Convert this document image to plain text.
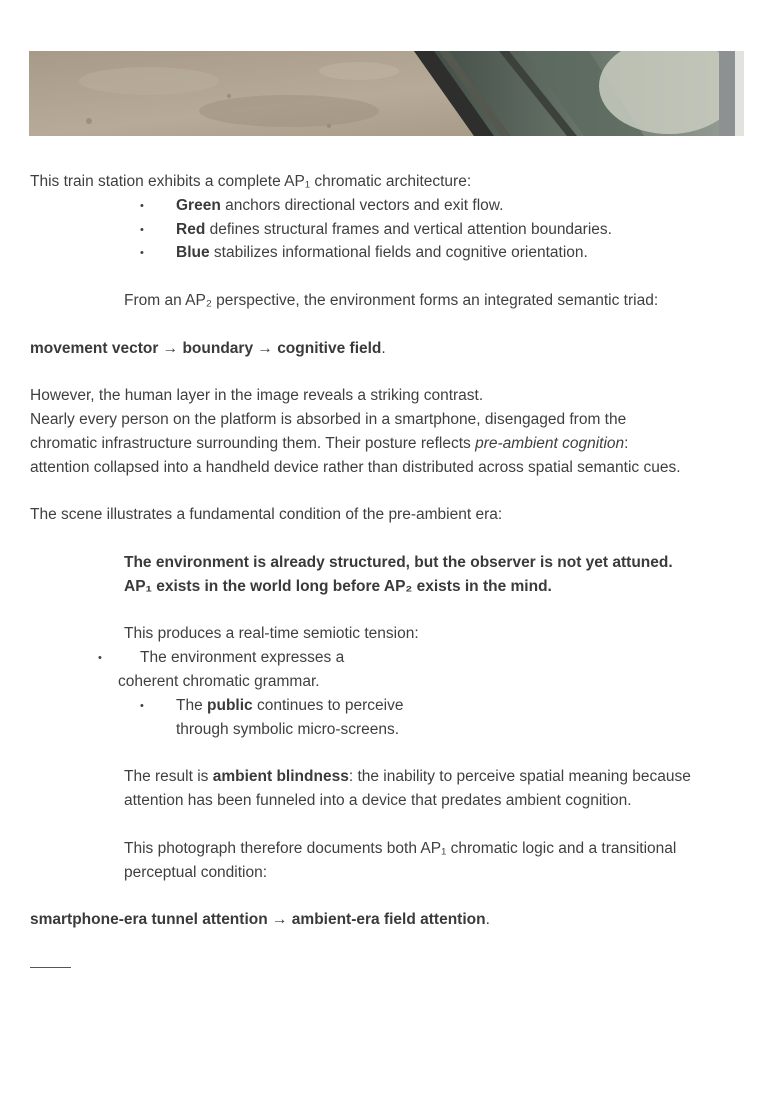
This train station exhibits a complete AP₁ chromatic architecture:
• Green anchors directional vectors and exit flow.
• Red defines structural frames and vertical attention boundaries.
• Blue stabilizes informational fields and cognitive orientation.
From an AP₂ perspective, the environment forms an integrated semantic triad:
movement vector → boundary → cognitive field.
However, the human layer in the image reveals a striking contrast.
Nearly every person on the platform is absorbed in a smartphone, disengaged from the
chromatic infrastructure surrounding them. Their posture reflects pre-ambient cognition:
attention collapsed into a handheld device rather than distributed across spatial semantic cues.
The scene illustrates a fundamental condition of the pre-ambient era:
The environment is already structured, but the observer is not yet attuned.
AP₁ exists in the world long before AP₂ exists in the mind.
This produces a real-time semiotic tension:
• The environment expresses a
coherent chromatic grammar.
• The public continues to perceive
through symbolic micro-screens.
The result is ambient blindness: the inability to perceive spatial meaning because
attention has been funneled into a device that predates ambient cognition.
This photograph therefore documents both AP₁ chromatic logic and a transitional
perceptual condition:
smartphone-era tunnel attention → ambient-era field attention.
